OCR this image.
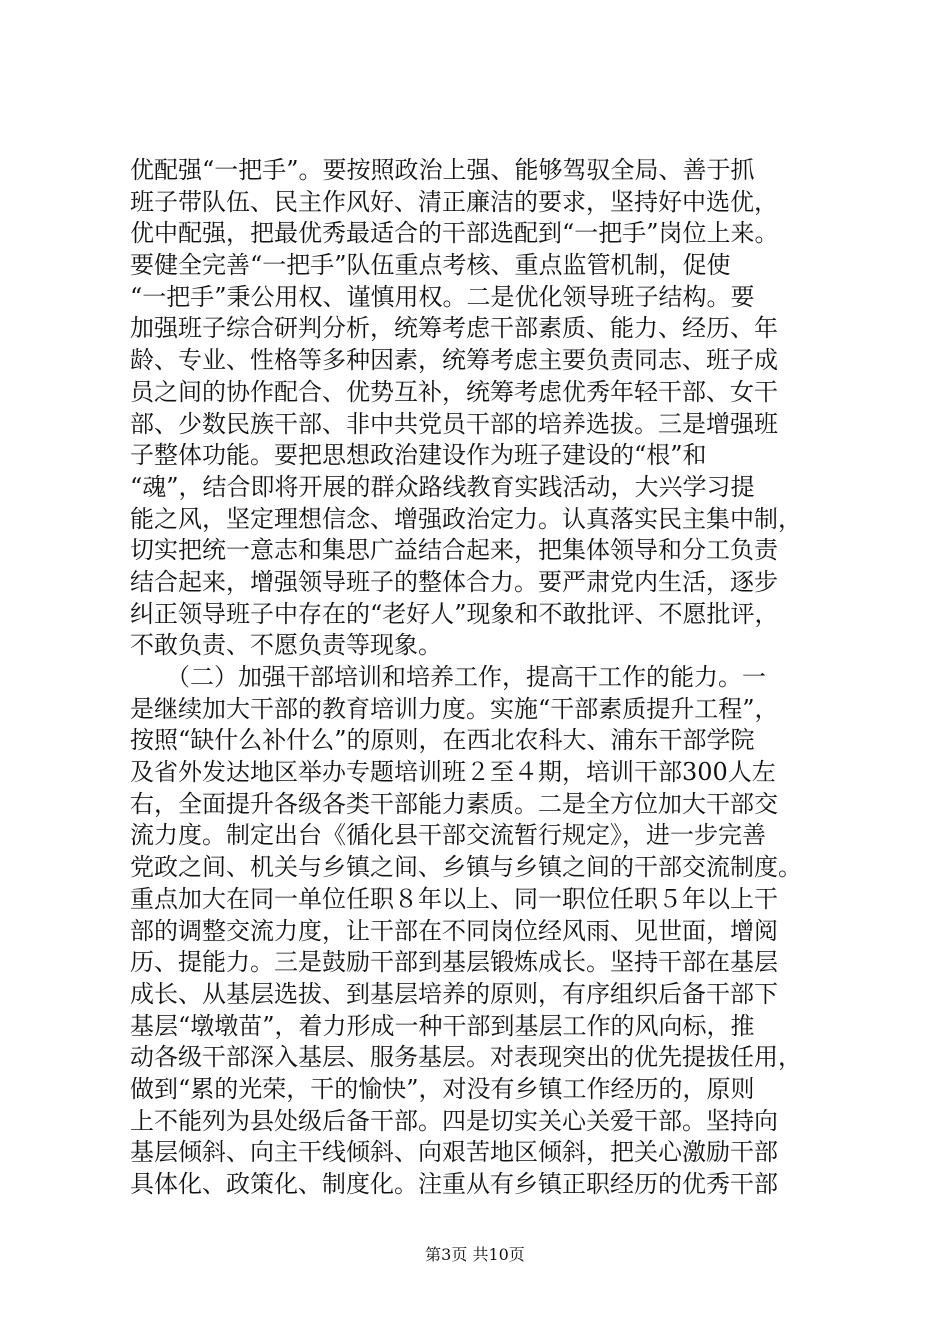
优配强“一把手”。要按照政治上强、能够驾驭全局、善于抓
班子带队伍、民主作风好、清正廉洁的要求，坚持好中选优，
优中配强，把最优秀最适合的干部选配到“一把手”岗位上来。
要健全完善“一把手”队伍重点考核、重点监管机制，促使
“一把手”秉公用权、谨慎用权。二是优化领导班子结构。要
加强班子综合研判分析，统筹考虑干部素质、能力、经历、年
龄、专业、性格等多种因素，统筹考虑主要负责同志、班子成
员之间的协作配合、优势互补，统筹考虑优秀年轻干部、女干
部、少数民族干部、非中共党员干部的培养选拔。三是增强班
子整体功能。要把思想政治建设作为班子建设的“根”和
“魂”，结合即将开展的群众路线教育实践活动，大兴学习提
能之风，坚定理想信念、增强政治定力。认真落实民主集中制，
切实把统一意志和集思广益结合起来，把集体领导和分工负责
结合起来，增强领导班子的整体合力。要严肃党内生活，逐步
纠正领导班子中存在的“老好人”现象和不敢批评、不愿批评，
不敢负责、不愿负责等现象。
　　（二）加强干部培训和培养工作，提高干工作的能力。一
是继续加大干部的教育培训力度。实施“干部素质提升工程”，
按照“缺什么补什么”的原则，在西北农科大、浦东干部学院
及省外发达地区举办专题培训班２至４期，培训干部300人左
右，全面提升各级各类干部能力素质。二是全方位加大干部交
流力度。制定出台《循化县干部交流暂行规定》，进一步完善
党政之间、机关与乡镇之间、乡镇与乡镇之间的干部交流制度。
重点加大在同一单位任职８年以上、同一职位任职５年以上干
部的调整交流力度，让干部在不同岗位经风雨、见世面，增阅
历、提能力。三是鼓励干部到基层锻炼成长。坚持干部在基层
成长、从基层选拔、到基层培养的原则，有序组织后备干部下
基层“墩墩苗”，着力形成一种干部到基层工作的风向标，推
动各级干部深入基层、服务基层。对表现突出的优先提拔任用，
做到“累的光荣，干的愉快”，对没有乡镇工作经历的，原则
上不能列为县处级后备干部。四是切实关心关爱干部。坚持向
基层倾斜、向主干线倾斜、向艰苦地区倾斜，把关心激励干部
具体化、政策化、制度化。注重从有乡镇正职经历的优秀干部
第3页 共10页
